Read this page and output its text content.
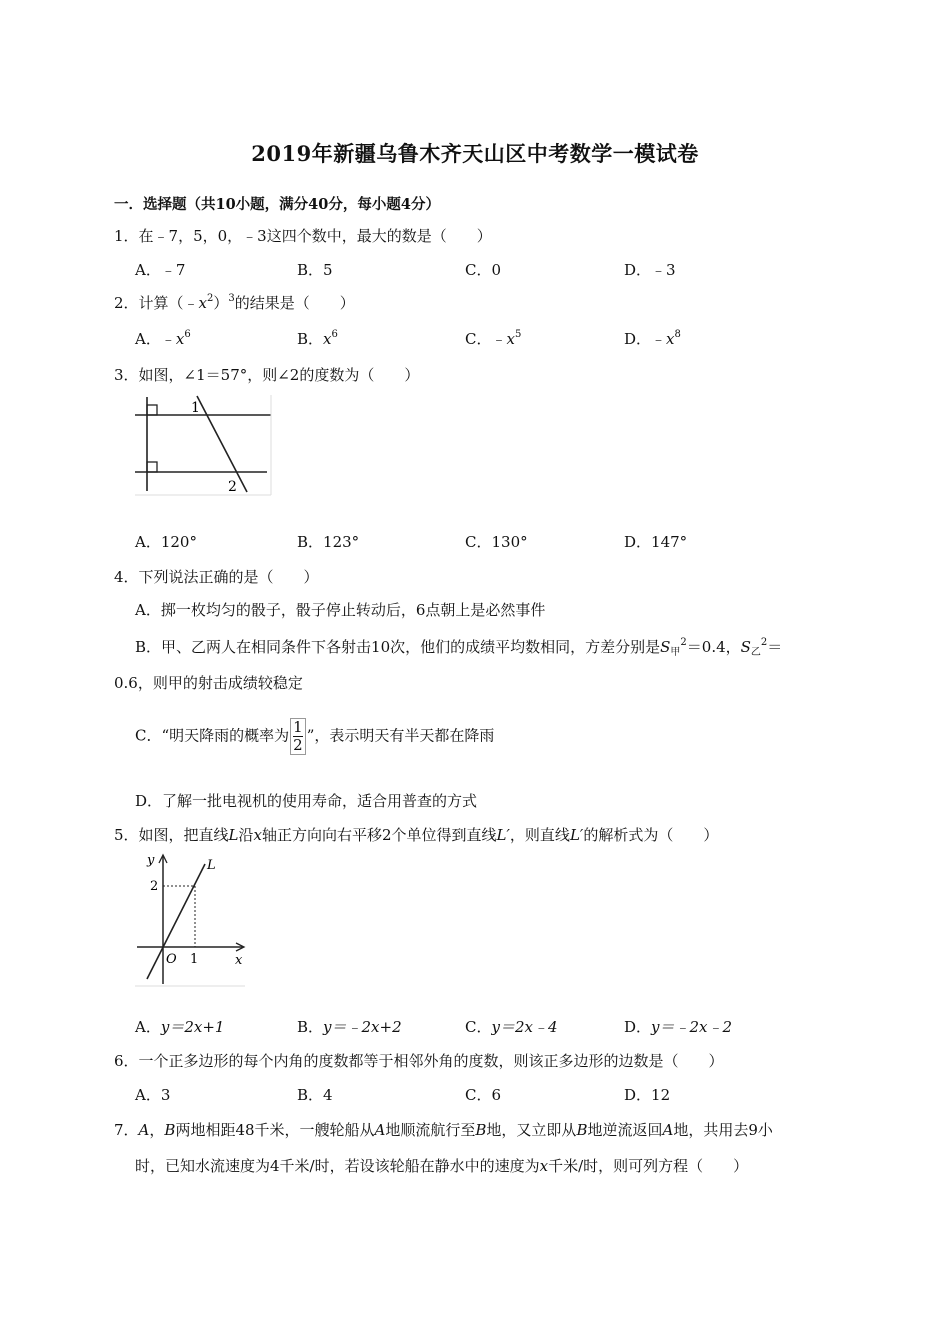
2019年新疆乌鲁木齐天山区中考数学一模试卷
一．选择题（共10小题，满分40分，每小题4分）
1．在﹣7，5，0，﹣3这四个数中，最大的数是（　　）
A．﹣7	B．5	C．0	D．﹣3
2．计算$(﹣x^2)^3$的结果是（　　）
A．$﹣x^6$	B．$x^6$	C．$﹣x^5$	D．$﹣x^8$
3．如图，∠1＝57°，则∠2的度数为（　　）
1
2
A．120°	B．123°	C．130°	D．147°
4．下列说法正确的是（　　）
A．掷一枚均匀的骰子，骰子停止转动后，6点朝上是必然事件
B．甲、乙两人在相同条件下各射击10次，他们的成绩平均数相同，方差分别是$S_甲^2=0.4$，$S_乙^2=$
0.6，则甲的射击成绩较稳定
C．“明天降雨的概率为 $\frac{1}{2}$ ”，表示明天有半天都在降雨
D．了解一批电视机的使用寿命，适合用普查的方式
5．如图，把直线L沿x轴正方向向右平移2个单位得到直线L′，则直线L′的解析式为（　　）
y
x
L
O 1
2
A．y＝2x+1	B．y＝﹣2x+2	C．y＝2x﹣4	D．y＝﹣2x﹣2
6．一个正多边形的每个内角的度数都等于相邻外角的度数，则该正多边形的边数是（　　）
A．3	B．4	C．6	D．12
7．A，B两地相距48千米，一艘轮船从A地顺流航行至B地，又立即从B地逆流返回A地，共用去9小
时，已知水流速度为4千米/时，若设该轮船在静水中的速度为x千米/时，则可列方程（　　）
